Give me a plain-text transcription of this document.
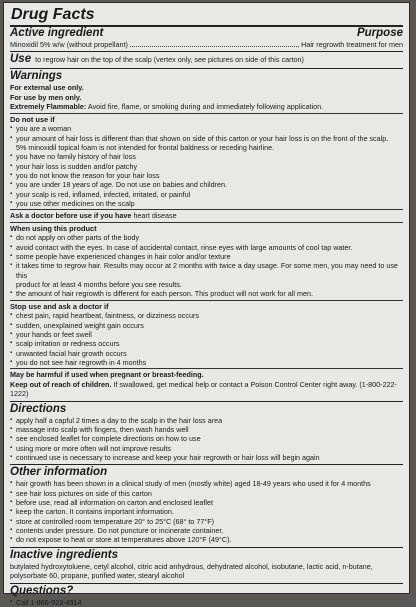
Drug Facts
Active ingredient	Purpose
Minoxidil 5% w/w (without propellant)	Hair regrowth treatment for men
Use to regrow hair on the top of the scalp (vertex only, see pictures on side of this carton)
Warnings
For external use only.
For use by men only.
Extremely Flammable: Avoid fire, flame, or smoking during and immediately following application.
Do not use if
▪ you are a woman
▪ your amount of hair loss is different than that shown on side of this carton or your hair loss is on the front of the scalp.
5% minoxidil topical foam is not intended for frontal baldness or receding hairline.
▪ you have no family history of hair loss
▪ your hair loss is sudden and/or patchy
▪ you do not know the reason for your hair loss
▪ you are under 18 years of age. Do not use on babies and children.
▪ your scalp is red, inflamed, infected, irritated, or painful
▪ you use other medicines on the scalp
Ask a doctor before use if you have heart disease
When using this product
▪ do not apply on other parts of the body
▪ avoid contact with the eyes. In case of accidental contact, rinse eyes with large amounts of cool tap water.
▪ some people have experienced changes in hair color and/or texture
▪ it takes time to regrow hair. Results may occur at 2 months with twice a day usage. For some men, you may need to use this
product for at least 4 months before you see results.
▪ the amount of hair regrowth is different for each person. This product will not work for all men.
Stop use and ask a doctor if
▪ chest pain, rapid heartbeat, faintness, or dizziness occurs
▪ sudden, unexplained weight gain occurs
▪ your hands or feet swell
▪ scalp irritation or redness occurs
▪ unwanted facial hair growth occurs
▪ you do not see hair regrowth in 4 months
May be harmful if used when pregnant or breast-feeding.
Keep out of reach of children. If swallowed, get medical help or contact a Poison Control Center right away. (1-800-222-1222)
Directions
▪ apply half a capful 2 times a day to the scalp in the hair loss area
▪ massage into scalp with fingers, then wash hands well
▪ see enclosed leaflet for complete directions on how to use
▪ using more or more often will not improve results
▪ continued use is necessary to increase and keep your hair regrowth or hair loss will begin again
Other information
▪ hair growth has been shown in a clinical study of men (mostly white) aged 18-49 years who used it for 4 months
▪ see hair loss pictures on side of this carton
▪ before use, read all information on carton and enclosed leaflet
▪ keep the carton. It contains important information.
▪ store at controlled room temperature 20° to 25°C (68° to 77°F)
▪ contents under pressure. Do not puncture or incinerate container.
▪ do not expose to heat or store at temperatures above 120°F (49°C).
Inactive ingredients
butylated hydroxytoluene, cetyl alcohol, citric acid anhydrous, dehydrated alcohol, isobutane, lactic acid, n-butane, polysorbate 60, propane, purified water, stearyl alcohol
Questions?
▪ Call 1-866-923-4914
